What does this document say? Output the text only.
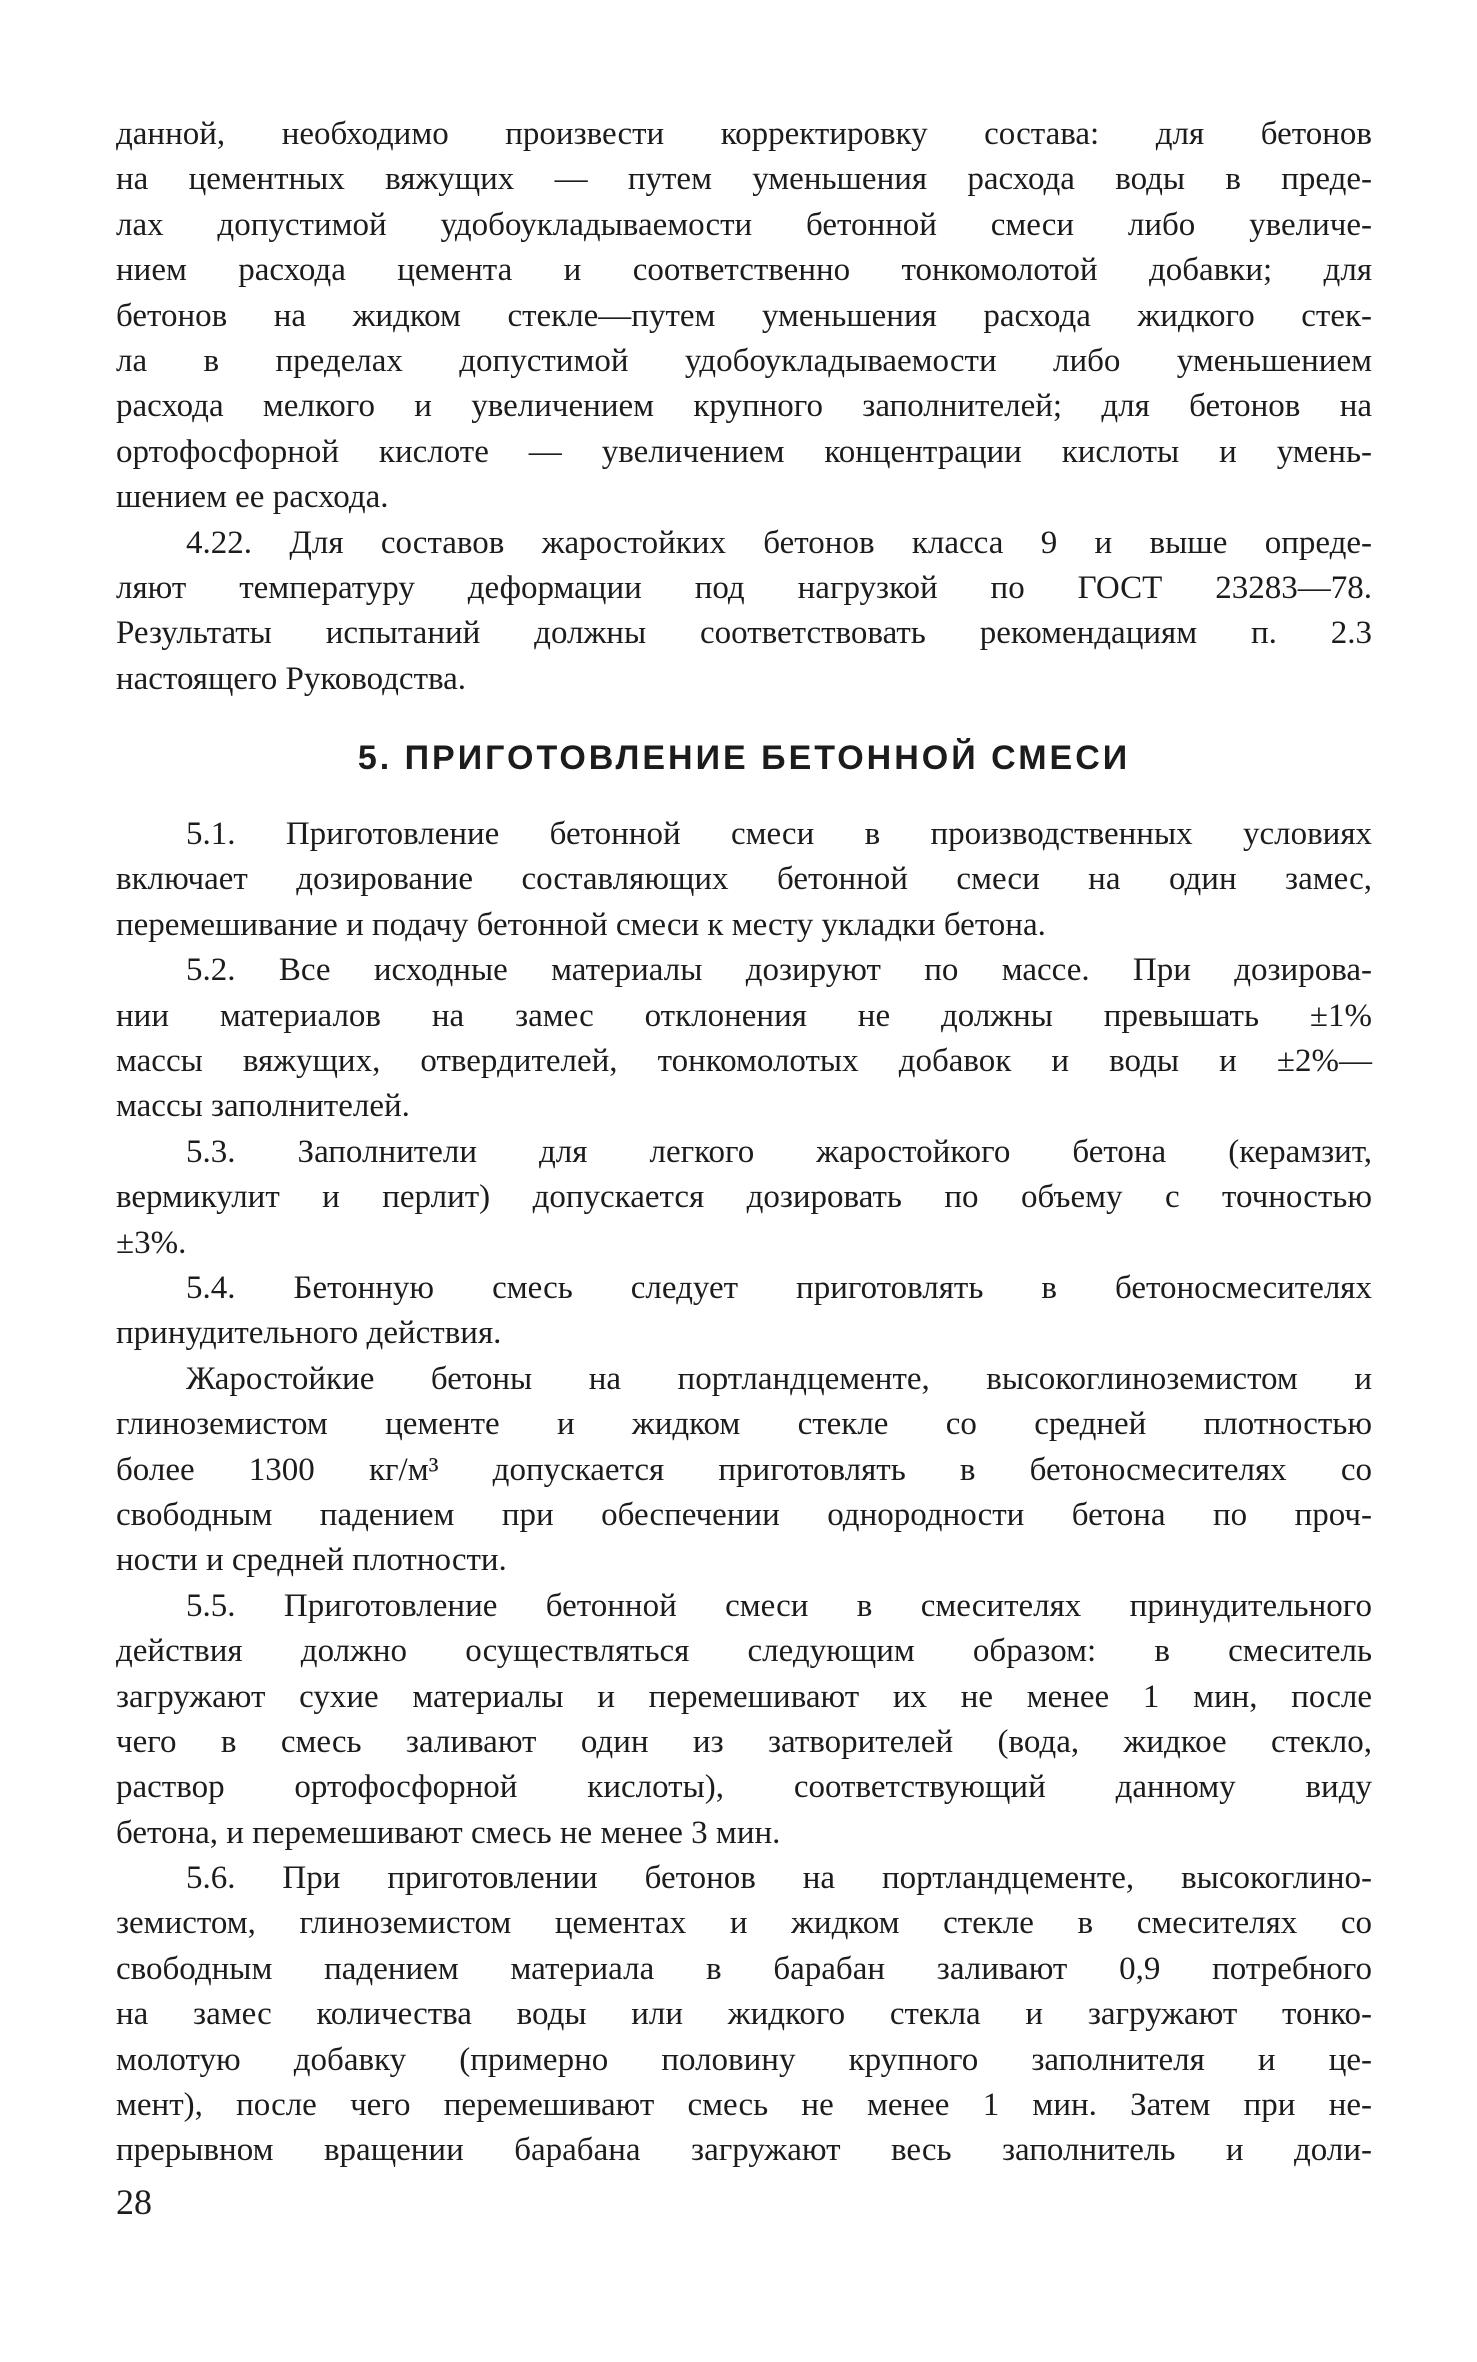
данной, необходимо произвести корректировку состава: для бетонов
на цементных вяжущих — путем уменьшения расхода воды в преде-
лах допустимой удобоукладываемости бетонной смеси либо увеличе-
нием расхода цемента и соответственно тонкомолотой добавки; для
бетонов на жидком стекле—путем уменьшения расхода жидкого стек-
ла в пределах допустимой удобоукладываемости либо уменьшением
расхода мелкого и увеличением крупного заполнителей; для бетонов на
ортофосфорной кислоте — увеличением концентрации кислоты и умень-
шением ее расхода.
4.22. Для составов жаростойких бетонов класса 9 и выше опреде-
ляют температуру деформации под нагрузкой по ГОСТ 23283—78.
Результаты испытаний должны соответствовать рекомендациям п. 2.3
настоящего Руководства.
5. ПРИГОТОВЛЕНИЕ БЕТОННОЙ СМЕСИ
5.1. Приготовление бетонной смеси в производственных условиях
включает дозирование составляющих бетонной смеси на один замес,
перемешивание и подачу бетонной смеси к месту укладки бетона.
5.2. Все исходные материалы дозируют по массе. При дозирова-
нии материалов на замес отклонения не должны превышать ±1%
массы вяжущих, отвердителей, тонкомолотых добавок и воды и ±2%—
массы заполнителей.
5.3. Заполнители для легкого жаростойкого бетона (керамзит,
вермикулит и перлит) допускается дозировать по объему с точностью
±3%.
5.4. Бетонную смесь следует приготовлять в бетоносмесителях
принудительного действия.
Жаростойкие бетоны на портландцементе, высокоглиноземистом и
глиноземистом цементе и жидком стекле со средней плотностью
более 1300 кг/м³ допускается приготовлять в бетоносмесителях со
свободным падением при обеспечении однородности бетона по проч-
ности и средней плотности.
5.5. Приготовление бетонной смеси в смесителях принудительного
действия должно осуществляться следующим образом: в смеситель
загружают сухие материалы и перемешивают их не менее 1 мин, после
чего в смесь заливают один из затворителей (вода, жидкое стекло,
раствор ортофосфорной кислоты), соответствующий данному виду
бетона, и перемешивают смесь не менее 3 мин.
5.6. При приготовлении бетонов на портландцементе, высокоглино-
земистом, глиноземистом цементах и жидком стекле в смесителях со
свободным падением материала в барабан заливают 0,9 потребного
на замес количества воды или жидкого стекла и загружают тонко-
молотую добавку (примерно половину крупного заполнителя и це-
мент), после чего перемешивают смесь не менее 1 мин. Затем при не-
прерывном вращении барабана загружают весь заполнитель и доли-
28
